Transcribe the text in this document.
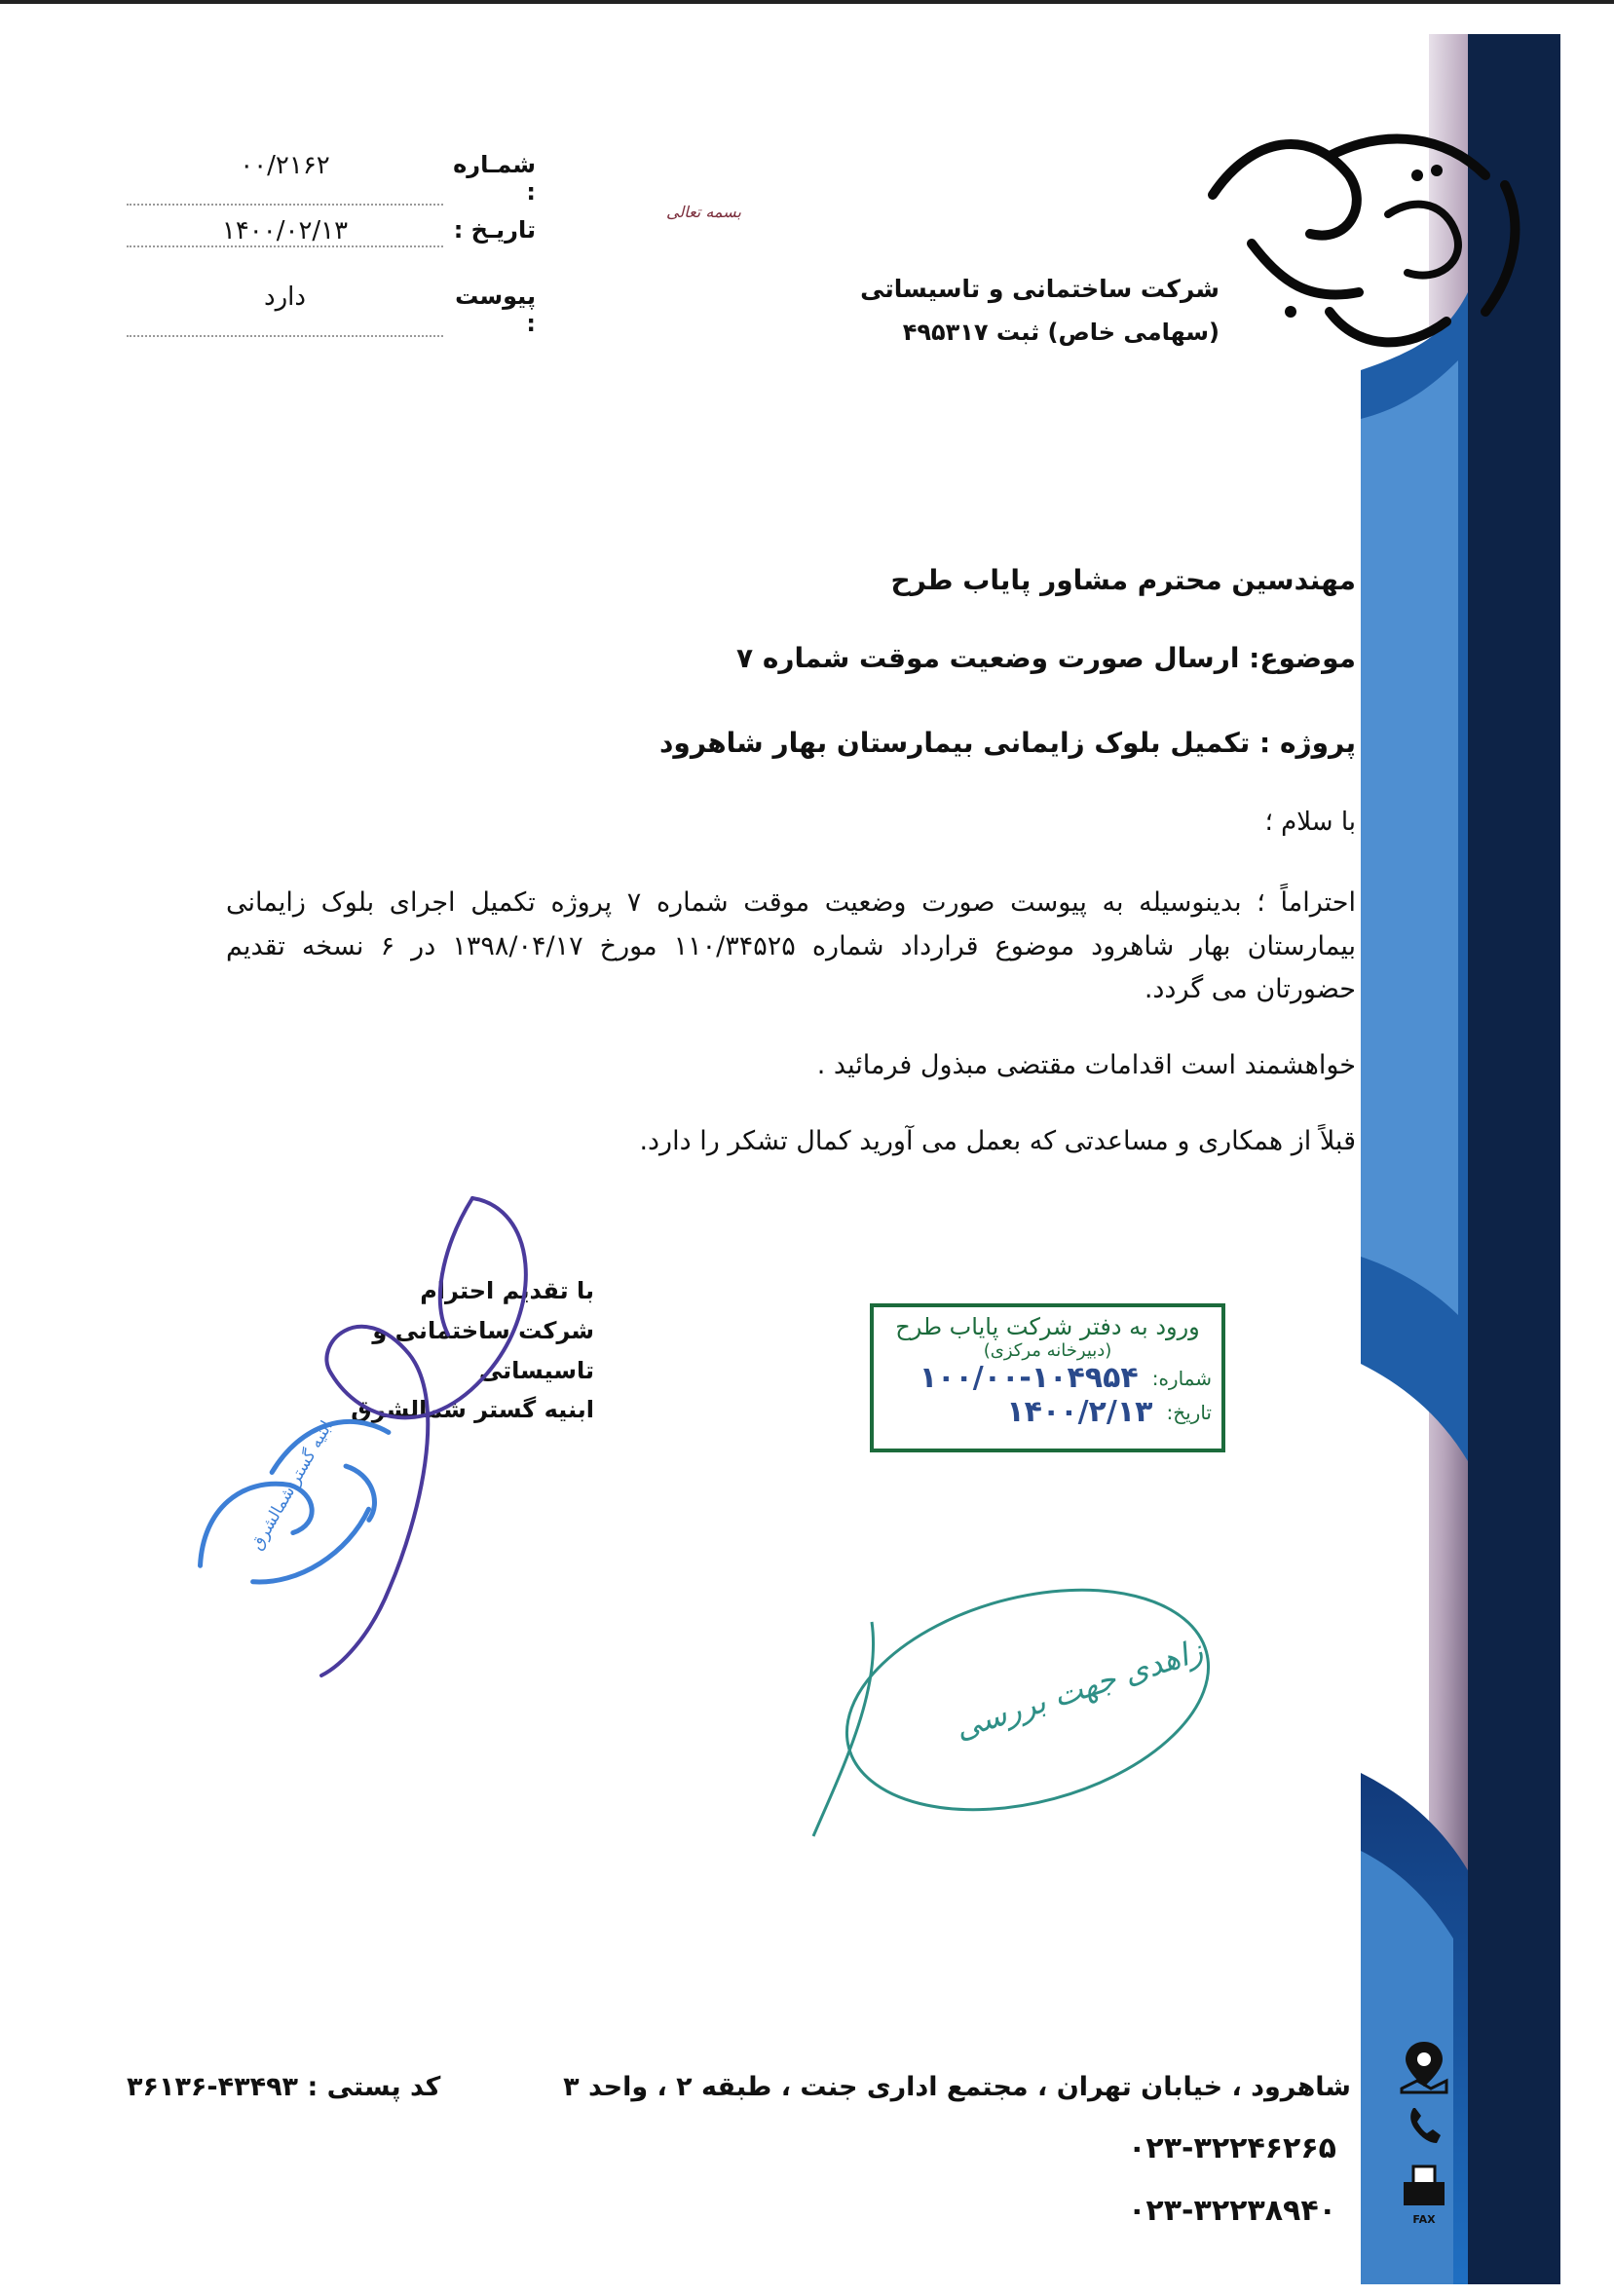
شرکت ساختمانی و تاسیساتی
(سهامی خاص) ثبت ۴۹۵۳۱۷
بسمه تعالی
شمـاره :
۰۰/۲۱۶۲
تاریـخ :
۱۴۰۰/۰۲/۱۳
پیوست :
دارد
مهندسین محترم مشاور پایاب طرح
موضوع: ارسال صورت وضعیت موقت شماره ۷
پروژه : تکمیل بلوک زایمانی بیمارستان بهار شاهرود
با سلام ؛
احتراماً ؛ بدینوسیله به پیوست صورت وضعیت موقت شماره ۷ پروژه تکمیل اجرای بلوک زایمانی بیمارستان بهار شاهرود موضوع قرارداد شماره ۱۱۰/۳۴۵۲۵ مورخ ۱۳۹۸/۰۴/۱۷ در ۶ نسخه تقدیم حضورتان می گردد.
خواهشمند است اقدامات مقتضی مبذول فرمائید .
قبلاً از همکاری و مساعدتی که بعمل می آورید کمال تشکر را دارد.
با تقدیم احترام
شرکت ساختمانی و تاسیساتی
ابنیه گستر شمالشرق
ابنیه گستر شمالشرق
ورود به دفتر شرکت پایاب طرح
(دبیرخانه مرکزی)
شماره:
۱۰۰/۰۰-۱۰۴۹۵۴
تاریخ:
۱۴۰۰/۲/۱۳
زاهدی جهت بررسی
شاهرود ، خیابان تهران ، مجتمع اداری جنت ، طبقه ۲ ، واحد ۳
کد پستی : ۴۳۴۹۳-۳۶۱۳۶
۰۲۳-۳۲۲۴۶۲۶۵
۰۲۳-۳۲۲۳۸۹۴۰	FAX
